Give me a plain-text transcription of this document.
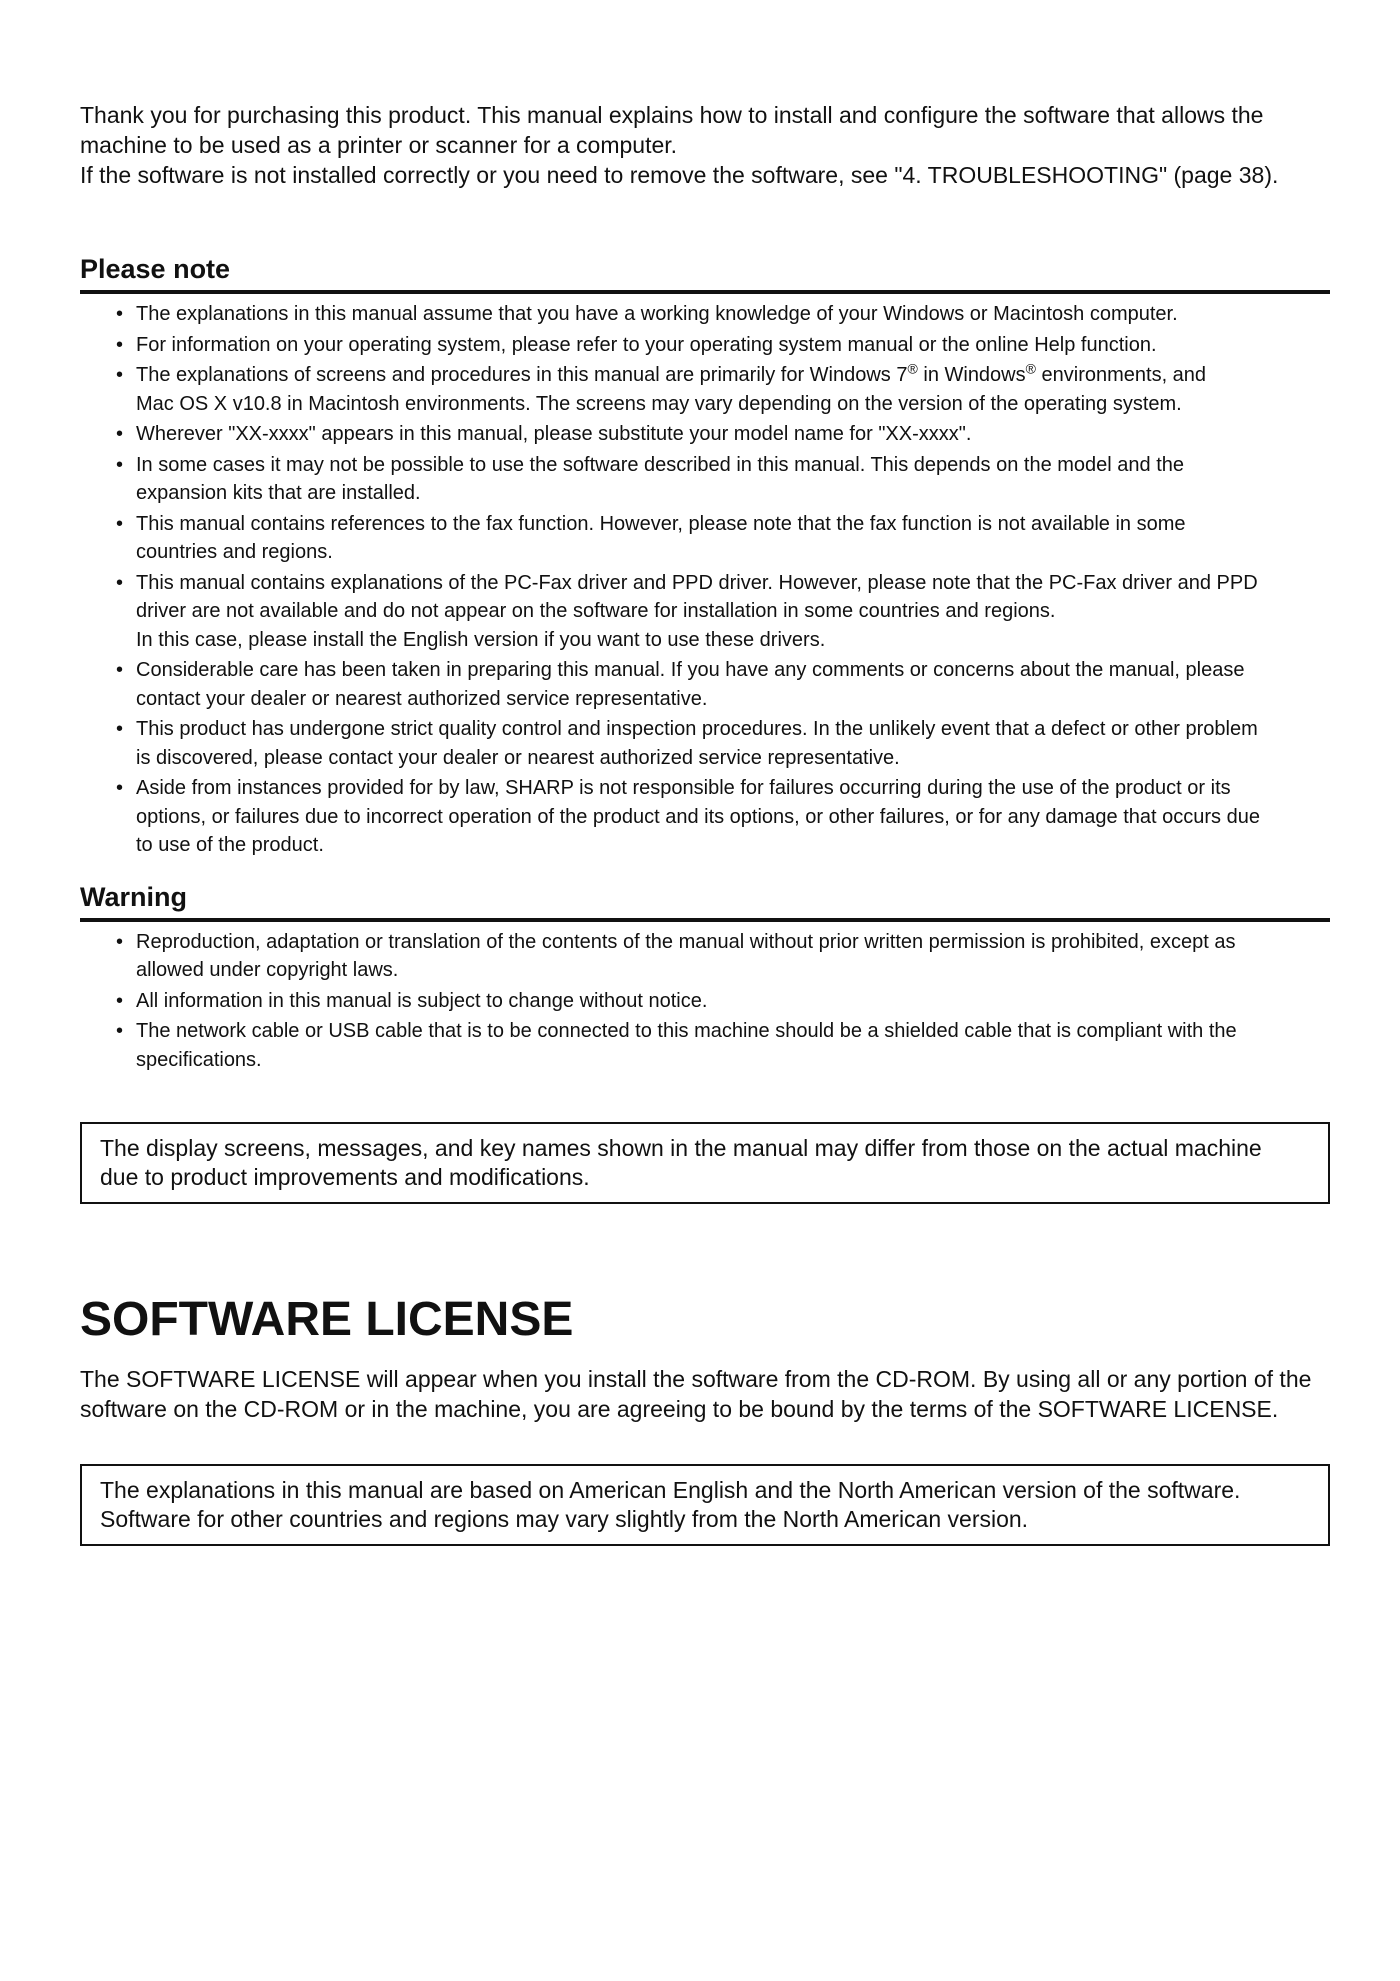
Thank you for purchasing this product. This manual explains how to install and configure the software that allows the

machine to be used as a printer or scanner for a computer.

If the software is not installed correctly or you need to remove the software, see "4. TROUBLESHOOTING" (page 38).

Please note
• The explanations in this manual assume that you have a working knowledge of your Windows or Macintosh computer.
• For information on your operating system, please refer to your operating system manual or the online Help function.
• The explanations of screens and procedures in this manual are primarily for Windows 7® in Windows® environments, and
Mac OS X v10.8 in Macintosh environments. The screens may vary depending on the version of the operating system.
• Wherever "XX-xxxx" appears in this manual, please substitute your model name for "XX-xxxx".
• In some cases it may not be possible to use the software described in this manual. This depends on the model and the
expansion kits that are installed.
• This manual contains references to the fax function. However, please note that the fax function is not available in some
countries and regions.
• This manual contains explanations of the PC-Fax driver and PPD driver. However, please note that the PC-Fax driver and PPD
driver are not available and do not appear on the software for installation in some countries and regions.
In this case, please install the English version if you want to use these drivers.
• Considerable care has been taken in preparing this manual. If you have any comments or concerns about the manual, please
contact your dealer or nearest authorized service representative.
• This product has undergone strict quality control and inspection procedures. In the unlikely event that a defect or other problem
is discovered, please contact your dealer or nearest authorized service representative.
• Aside from instances provided for by law, SHARP is not responsible for failures occurring during the use of the product or its
options, or failures due to incorrect operation of the product and its options, or other failures, or for any damage that occurs due
to use of the product.
Warning
• Reproduction, adaptation or translation of the contents of the manual without prior written permission is prohibited, except as
allowed under copyright laws.
• All information in this manual is subject to change without notice.
• The network cable or USB cable that is to be connected to this machine should be a shielded cable that is compliant with the
specifications.

The display screens, messages, and key names shown in the manual may differ from those on the actual machine

due to product improvements and modifications.

SOFTWARE LICENSE

The SOFTWARE LICENSE will appear when you install the software from the CD-ROM. By using all or any portion of the

software on the CD-ROM or in the machine, you are agreeing to be bound by the terms of the SOFTWARE LICENSE.

The explanations in this manual are based on American English and the North American version of the software.

Software for other countries and regions may vary slightly from the North American version.
